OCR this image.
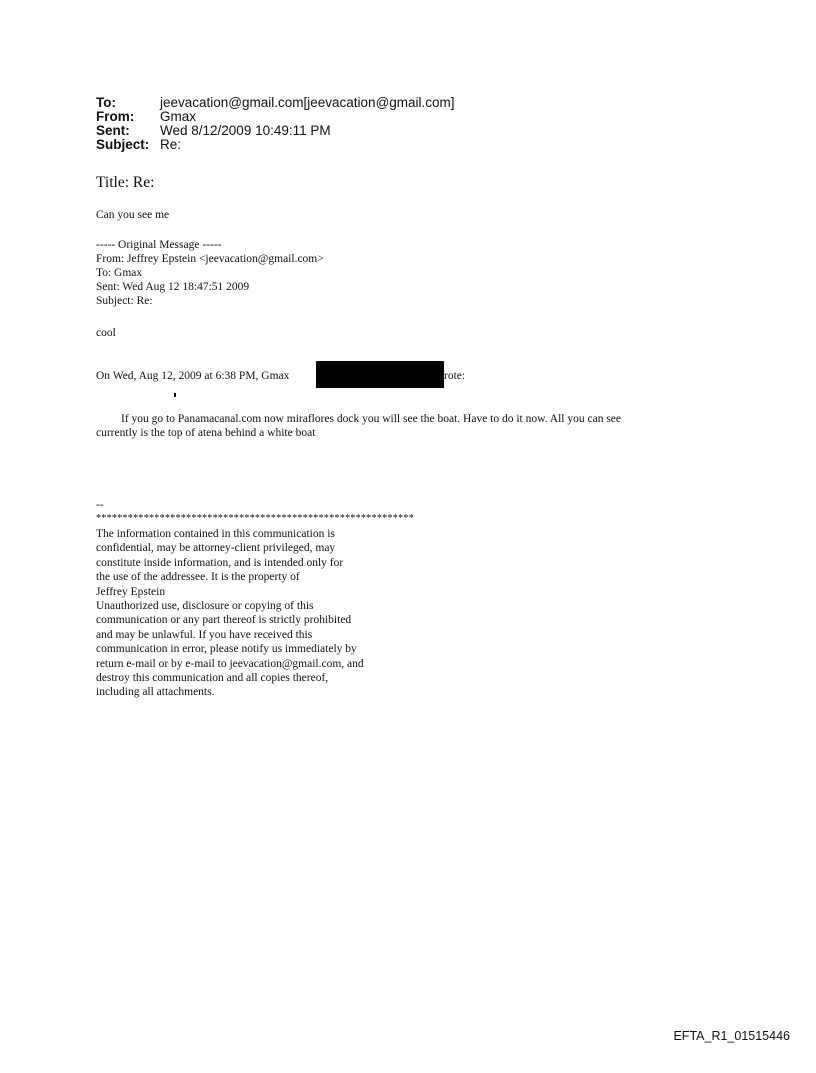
To:	jeevacation@gmail.com[jeevacation@gmail.com]
From:	Gmax
Sent:	Wed 8/12/2009 10:49:11 PM
Subject: Re:
Title: Re:
Can you see me
----- Original Message -----
From: Jeffrey Epstein <jeevacation@gmail.com>
To: Gmax
Sent: Wed Aug 12 18:47:51 2009
Subject: Re:
cool
On Wed, Aug 12, 2009 at 6:38 PM, Gmax	rote:
If you go to Panamacanal.com now miraflores dock you will see the boat. Have to do it now. All you can see
currently is the top of atena behind a white boat
--
************************************************************
The information contained in this communication is
confidential, may be attorney-client privileged, may
constitute inside information, and is intended only for
the use of the addressee. It is the property of
Jeffrey Epstein
Unauthorized use, disclosure or copying of this
communication or any part thereof is strictly prohibited
and may be unlawful. If you have received this
communication in error, please notify us immediately by
return e-mail or by e-mail to jeevacation@gmail.com, and
destroy this communication and all copies thereof,
including all attachments.
EFTA_R1_01515446
